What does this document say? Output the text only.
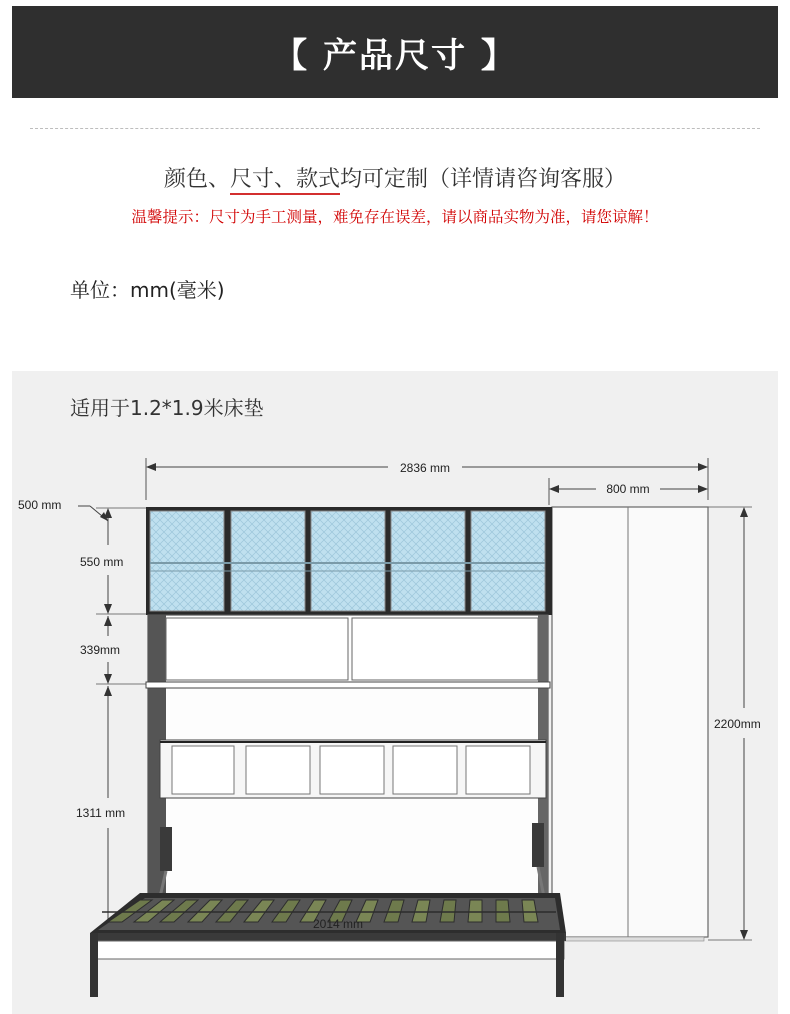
【 产品尺寸 】
颜色、尺寸、款式均可定制（详情请咨询客服）
温馨提示：尺寸为手工测量，难免存在误差，请以商品实物为准，请您谅解！
单位：mm(毫米)
适用于1.2*1.9米床垫
2836 mm
800 mm
500 mm
550 mm
339mm
1311 mm
2200mm
2014 mm
